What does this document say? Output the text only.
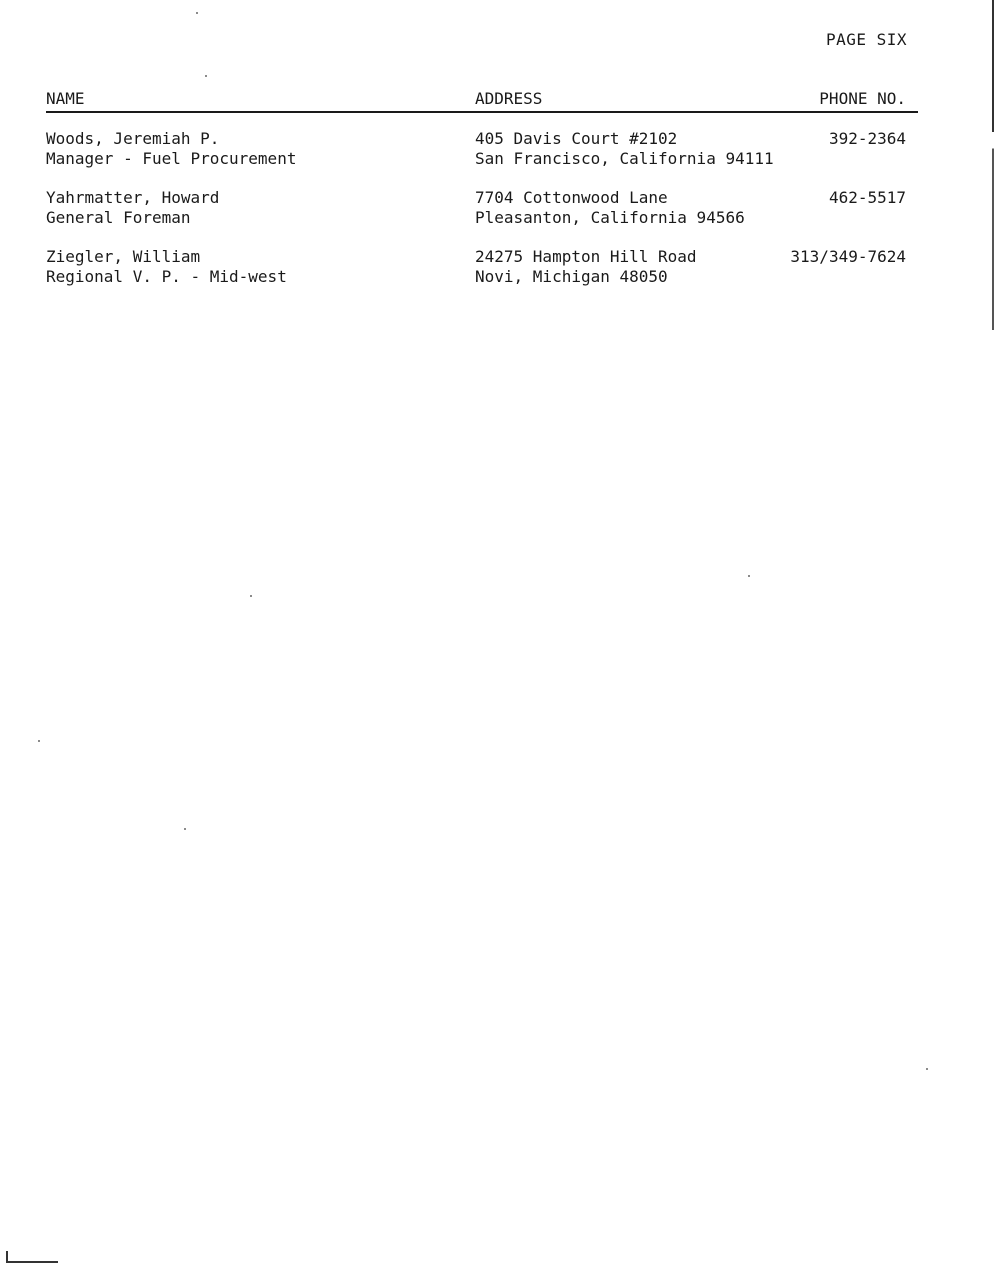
PAGE SIX
NAME	ADDRESS	PHONE NO.
Woods, Jeremiah P.
Manager - Fuel Procurement
405 Davis Court #2102
San Francisco, California 94111
392-2364
Yahrmatter, Howard
General Foreman
7704 Cottonwood Lane
Pleasanton, California 94566
462-5517
Ziegler, William
Regional V. P. - Mid-west
24275 Hampton Hill Road
Novi, Michigan 48050
313/349-7624
